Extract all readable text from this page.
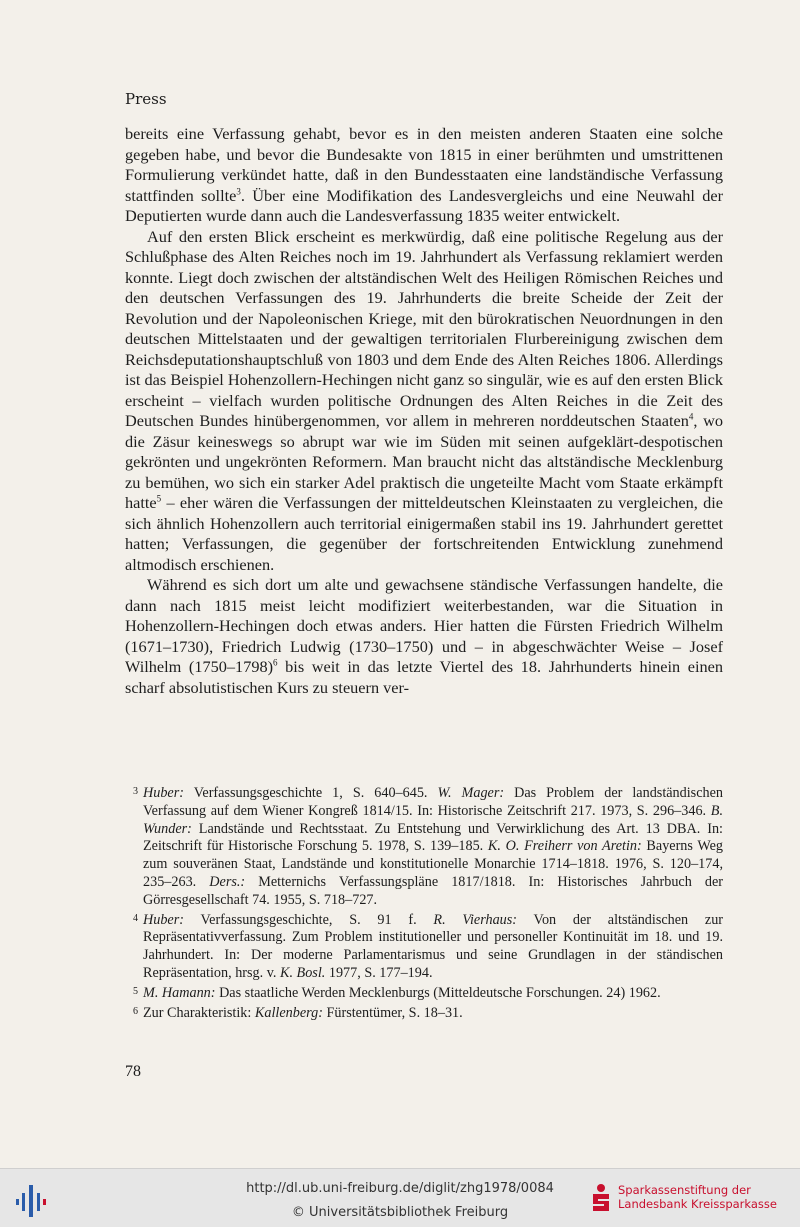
Press

bereits eine Verfassung gehabt, bevor es in den meisten anderen Staaten eine solche gegeben habe, und bevor die Bundesakte von 1815 in einer berühmten und umstrittenen Formulierung verkündet hatte, daß in den Bundesstaaten eine landständische Verfassung stattfinden sollte$^3$. Über eine Modifikation des Landesvergleichs und eine Neuwahl der Deputierten wurde dann auch die Landesverfassung 1835 weiter entwickelt.

Auf den ersten Blick erscheint es merkwürdig, daß eine politische Regelung aus der Schlußphase des Alten Reiches noch im 19. Jahrhundert als Verfassung reklamiert werden konnte. Liegt doch zwischen der altständischen Welt des Heiligen Römischen Reiches und den deutschen Verfassungen des 19. Jahrhunderts die breite Scheide der Zeit der Revolution und der Napoleonischen Kriege, mit den bürokratischen Neuordnungen in den deutschen Mittelstaaten und der gewaltigen territorialen Flurbereinigung zwischen dem Reichsdeputationshauptschluß von 1803 und dem Ende des Alten Reiches 1806. Allerdings ist das Beispiel Hohenzollern-Hechingen nicht ganz so singulär, wie es auf den ersten Blick erscheint – vielfach wurden politische Ordnungen des Alten Reiches in die Zeit des Deutschen Bundes hinübergenommen, vor allem in mehreren norddeutschen Staaten$^4$, wo die Zäsur keineswegs so abrupt war wie im Süden mit seinen aufgeklärt-despotischen gekrönten und ungekrönten Reformern. Man braucht nicht das altständische Mecklenburg zu bemühen, wo sich ein starker Adel praktisch die ungeteilte Macht vom Staate erkämpft hatte$^5$ – eher wären die Verfassungen der mitteldeutschen Kleinstaaten zu vergleichen, die sich ähnlich Hohenzollern auch territorial einigermaßen stabil ins 19. Jahrhundert gerettet hatten; Verfassungen, die gegenüber der fortschreitenden Entwicklung zunehmend altmodisch erschienen.

Während es sich dort um alte und gewachsene ständische Verfassungen handelte, die dann nach 1815 meist leicht modifiziert weiterbestanden, war die Situation in Hohenzollern-Hechingen doch etwas anders. Hier hatten die Fürsten Friedrich Wilhelm (1671–1730), Friedrich Ludwig (1730–1750) und – in abgeschwächter Weise – Josef Wilhelm (1750–1798)$^6$ bis weit in das letzte Viertel des 18. Jahrhunderts hinein einen scharf absolutistischen Kurs zu steuern ver-

3 Huber: Verfassungsgeschichte 1, S. 640–645. W. Mager: Das Problem der landständischen Verfassung auf dem Wiener Kongreß 1814/15. In: Historische Zeitschrift 217. 1973, S. 296–346. B. Wunder: Landstände und Rechtsstaat. Zu Entstehung und Verwirklichung des Art. 13 DBA. In: Zeitschrift für Historische Forschung 5. 1978, S. 139–185. K. O. Freiherr von Aretin: Bayerns Weg zum souveränen Staat, Landstände und konstitutionelle Monarchie 1714–1818. 1976, S. 120–174, 235–263. Ders.: Metternichs Verfassungspläne 1817/1818. In: Historisches Jahrbuch der Görresgesellschaft 74. 1955, S. 718–727.

4 Huber: Verfassungsgeschichte, S. 91 f. R. Vierhaus: Von der altständischen zur Repräsentativverfassung. Zum Problem institutioneller und personeller Kontinuität im 18. und 19. Jahrhundert. In: Der moderne Parlamentarismus und seine Grundlagen in der ständischen Repräsentation, hrsg. v. K. Bosl. 1977, S. 177–194.

5 M. Hamann: Das staatliche Werden Mecklenburgs (Mitteldeutsche Forschungen. 24) 1962.

6 Zur Charakteristik: Kallenberg: Fürstentümer, S. 18–31.

78
http://dl.ub.uni-freiburg.de/diglit/zhg1978/0084
© Universitätsbibliothek Freiburg
Sparkassenstiftung der
Landesbank Kreissparkasse
